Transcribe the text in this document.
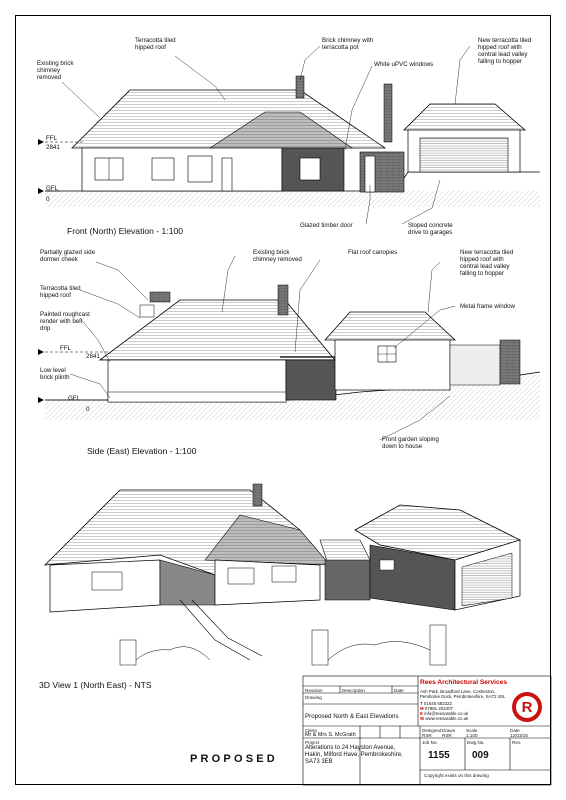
Existing brick
chimney
removed
Terracotta tiled
hipped roof
Brick chimney with
terracotta pot
White uPVC windows
New terracotta tiled
hipped roof with
central lead valley
falling to hopper
Glazed timber door	Sloped concrete
drive to garages
FFL
2841
GFL
0
Front (North) Elevation - 1:100
Partially glazed side
dormer cheek
Terracotta tiled
hipped roof
Painted roughcast
render with bell
drip
Low level
brick plinth
Existing brick
chimney removed
Flat roof canopies	New terracotta tiled
hipped roof with
central lead valley
falling to hopper
Metal frame window
Front garden sloping
down to house
FFL
2841
GFL
0
Side (East) Elevation - 1:100
3D View 1 (North East) - NTS
PROPOSED
Revision	Description	Date
Drawing
Proposed North & East Elevations
Client
Mr & Mrs S. McGrath
Project
Alterations to 24 Hayston Avenue,
Hakin, Milford Have, Pembrokeshire,
SA73 3EB
Designed
RSR
Drawn
RSR
Scale
1:100
Date
12/03/15
Job No.
1155
Dwg No.
009
Rev.
Copyright exists on this drawing
Rees Architectural Services
Ash Park, Broadford Lane, Cosheston,
Pembroke Dock, Pembrokeshire, SA72 4SL
T 01646 682322
M 07881 202407
E info@reesarable.co.uk
W www.reesarable.co.uk
R
